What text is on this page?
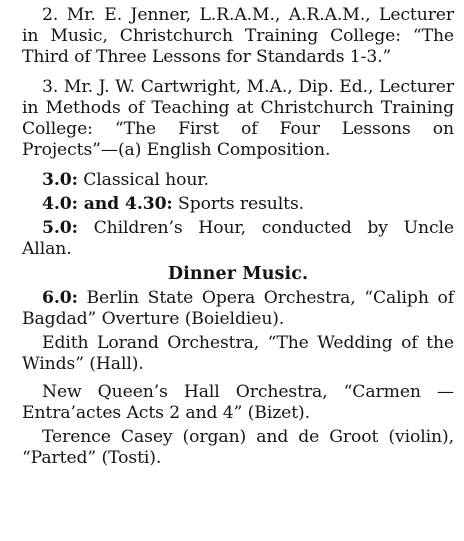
2. Mr. E. Jenner, L.R.A.M., A.R.A.M., Lecturer in Music, Christchurch Training College: “The Third of Three Lessons for Standards 1-3.”

3. Mr. J. W. Cartwright, M.A., Dip. Ed., Lecturer in Methods of Teaching at Christchurch Training College: “The First of Four Lessons on Projects”—(a) English Composition.

3.0: Classical hour.

4.0: and 4.30: Sports results.

5.0: Children’s Hour, conducted by Uncle Allan.

Dinner Music.

6.0: Berlin State Opera Orchestra, “Caliph of Bagdad” Overture (Boieldieu).

Edith Lorand Orchestra, “The Wedding of the Winds” (Hall).

New Queen’s Hall Orchestra, “Carmen —Entra’actes Acts 2 and 4” (Bizet).

Terence Casey (organ) and de Groot (violin), “Parted” (Tosti).
